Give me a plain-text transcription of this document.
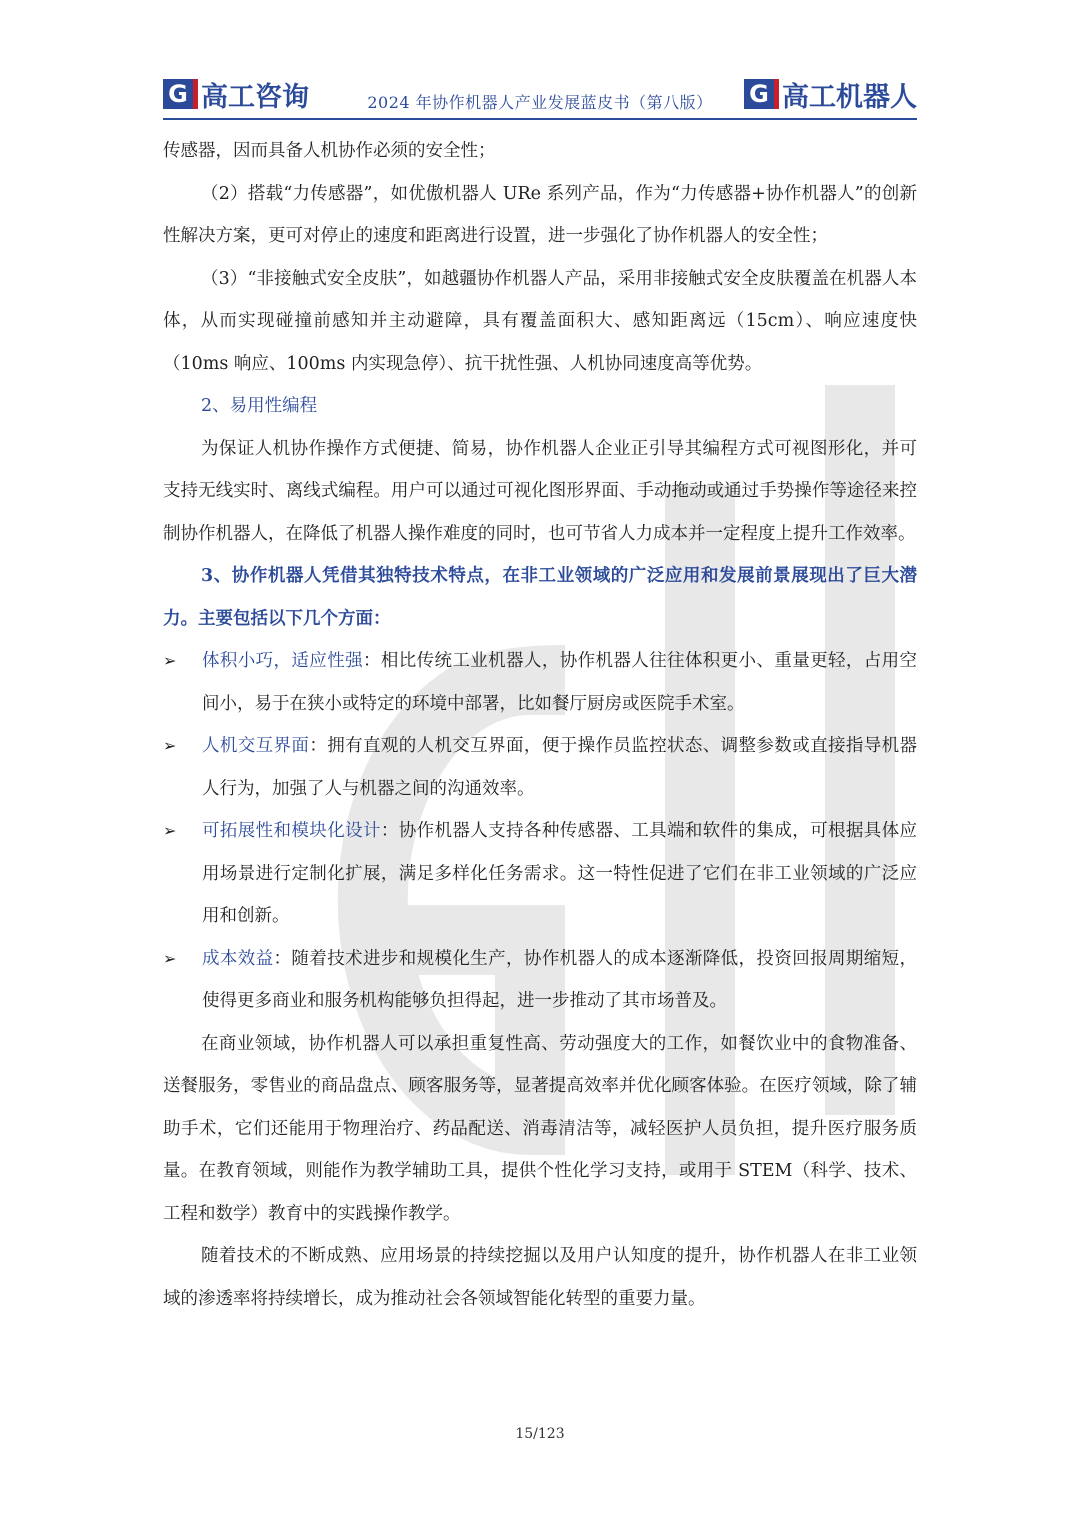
G 高工咨询	2024 年协作机器人产业发展蓝皮书（第八版）	G 高工机器人

传感器，因而具备人机协作必须的安全性；

（2）搭载“力传感器”，如优傲机器人 URe 系列产品，作为“力传感器+协作机器人”的创新性解决方案，更可对停止的速度和距离进行设置，进一步强化了协作机器人的安全性；

（3）“非接触式安全皮肤”，如越疆协作机器人产品，采用非接触式安全皮肤覆盖在机器人本体，从而实现碰撞前感知并主动避障，具有覆盖面积大、感知距离远（15cm）、响应速度快（10ms 响应、100ms 内实现急停）、抗干扰性强、人机协同速度高等优势。

2、易用性编程

为保证人机协作操作方式便捷、简易，协作机器人企业正引导其编程方式可视图形化，并可支持无线实时、离线式编程。用户可以通过可视化图形界面、手动拖动或通过手势操作等途径来控制协作机器人，在降低了机器人操作难度的同时，也可节省人力成本并一定程度上提升工作效率。

3、协作机器人凭借其独特技术特点，在非工业领域的广泛应用和发展前景展现出了巨大潜力。主要包括以下几个方面：

➢ 体积小巧，适应性强：相比传统工业机器人，协作机器人往往体积更小、重量更轻，占用空间小，易于在狭小或特定的环境中部署，比如餐厅厨房或医院手术室。
➢ 人机交互界面：拥有直观的人机交互界面，便于操作员监控状态、调整参数或直接指导机器人行为，加强了人与机器之间的沟通效率。
➢ 可拓展性和模块化设计：协作机器人支持各种传感器、工具端和软件的集成，可根据具体应用场景进行定制化扩展，满足多样化任务需求。这一特性促进了它们在非工业领域的广泛应用和创新。
➢ 成本效益：随着技术进步和规模化生产，协作机器人的成本逐渐降低，投资回报周期缩短，使得更多商业和服务机构能够负担得起，进一步推动了其市场普及。

在商业领域，协作机器人可以承担重复性高、劳动强度大的工作，如餐饮业中的食物准备、送餐服务，零售业的商品盘点、顾客服务等，显著提高效率并优化顾客体验。在医疗领域，除了辅助手术，它们还能用于物理治疗、药品配送、消毒清洁等，减轻医护人员负担，提升医疗服务质量。在教育领域，则能作为教学辅助工具，提供个性化学习支持，或用于 STEM（科学、技术、工程和数学）教育中的实践操作教学。

随着技术的不断成熟、应用场景的持续挖掘以及用户认知度的提升，协作机器人在非工业领域的渗透率将持续增长，成为推动社会各领域智能化转型的重要力量。

15/123
